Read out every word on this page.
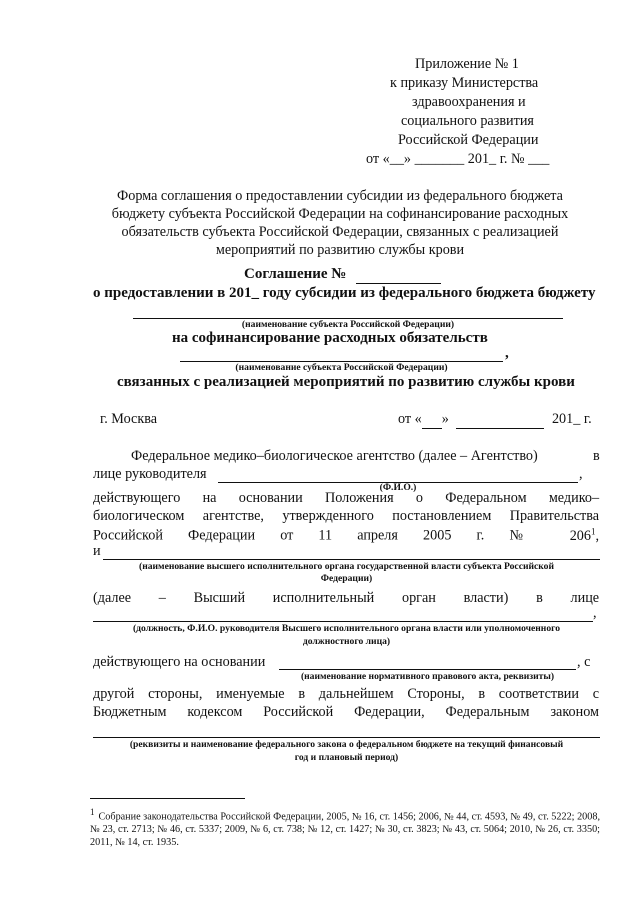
Приложение № 1
к приказу Министерства
здравоохранения и
социального развития
Российской Федерации
от «__» _______ 201_ г. № ___
Форма соглашения о предоставлении субсидии из федерального бюджета
бюджету субъекта Российской Федерации на софинансирование расходных
обязательств субъекта Российской Федерации, связанных с реализацией
мероприятий по развитию службы крови
Соглашение №
о предоставлении в 201_ году субсидии из федерального бюджета бюджету
(наименование субъекта Российской Федерации)
на софинансирование расходных обязательств
,
(наименование субъекта Российской Федерации)
связанных с реализацией мероприятий по развитию службы крови
г. Москва	от « »	201_ г.
Федеральное медико–биологическое агентство (далее – Агентство)	в
лице руководителя	,
(Ф.И.О.)
действующего на основании Положения о Федеральном медико–
биологическом агентстве, утвержденного постановлением Правительства
Российской Федерации от 11 апреля 2005 г. № $206^1$,
и
(наименование высшего исполнительного органа государственной власти субъекта Российской
Федерации)
(далее – Высший исполнительный орган власти) в лице
,
(должность, Ф.И.О. руководителя Высшего исполнительного органа власти или уполномоченного
должностного лица)
действующего на основании	, с
(наименование нормативного правового акта, реквизиты)
другой стороны, именуемые в дальнейшем Стороны, в соответствии с
Бюджетным кодексом Российской Федерации, Федеральным законом
(реквизиты и наименование федерального закона о федеральном бюджете на текущий финансовый
год и плановый период)
$^1$ Собрание законодательства Российской Федерации, 2005, № 16, ст. 1456; 2006, № 44, ст. 4593, № 49, ст. 5222; 2008, № 23, ст. 2713; № 46, ст. 5337; 2009, № 6, ст. 738; № 12, ст. 1427; № 30, ст. 3823; № 43, ст. 5064; 2010, № 26, ст. 3350; 2011, № 14, ст. 1935.
